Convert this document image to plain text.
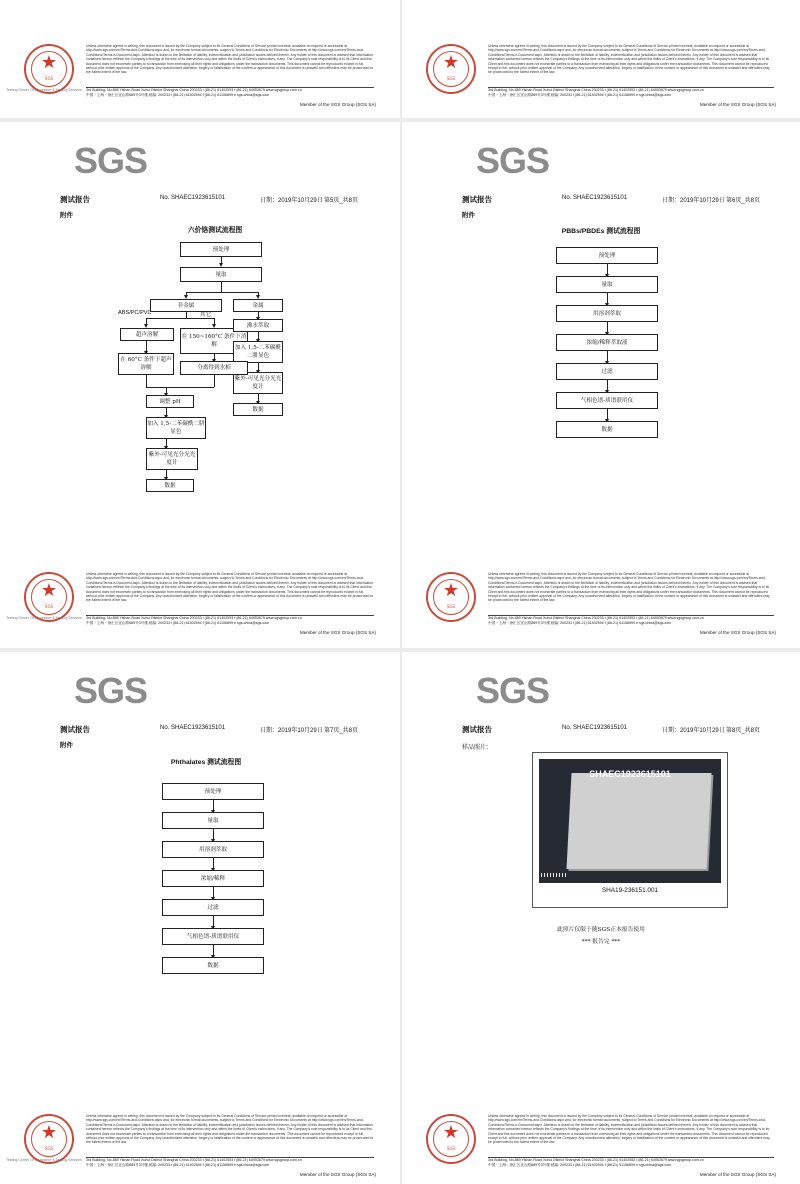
★
SGS
Unless otherwise agreed in writing, this document is issued by the Company subject to its General Conditions of Service printed overleaf, available on request or accessible at http://www.sgs.com/en/Terms-and-Conditions.aspx and, for electronic format documents, subject to Terms and Conditions for Electronic Documents at http://www.sgs.com/en/Terms-and-Conditions/Terms-e-Document.aspx. Attention is drawn to the limitation of liability, indemnification and jurisdiction issues defined therein. Any holder of this document is advised that information contained hereon reflects the Company's findings at the time of its intervention only and within the limits of Client's instructions, if any. The Company's sole responsibility is to its Client and this document does not exonerate parties to a transaction from exercising all their rights and obligations under the transaction documents. This document cannot be reproduced except in full, without prior written approval of the Company. Any unauthorized alteration, forgery or falsification of the content or appearance of this document is unlawful and offenders may be prosecuted to the fullest extent of the law.
3rd Building, No.889 Yishan Road Xuhui District Shanghai China 200233 t (86-21) 61402553 f (86-21) 64953679 www.sgsgroup.com.cn
中国・上海・徐汇区宜山路889号3号楼 邮编: 200233 t (86-21) 61402594 f (86-21) 61156899 e sgs.china@sgs.com
Member of the SGS Group (SGS SA)
Testing Center Of Inspection & Testing Services
★
SGS
Unless otherwise agreed in writing, this document is issued by the Company subject to its General Conditions of Service printed overleaf, available on request or accessible at http://www.sgs.com/en/Terms-and-Conditions.aspx and, for electronic format documents, subject to Terms and Conditions for Electronic Documents at http://www.sgs.com/en/Terms-and-Conditions/Terms-e-Document.aspx. Attention is drawn to the limitation of liability, indemnification and jurisdiction issues defined therein. Any holder of this document is advised that information contained hereon reflects the Company's findings at the time of its intervention only and within the limits of Client's instructions, if any. The Company's sole responsibility is to its Client and this document does not exonerate parties to a transaction from exercising all their rights and obligations under the transaction documents. This document cannot be reproduced except in full, without prior written approval of the Company. Any unauthorized alteration, forgery or falsification of the content or appearance of this document is unlawful and offenders may be prosecuted to the fullest extent of the law.
3rd Building, No.889 Yishan Road Xuhui District Shanghai China 200233 t (86-21) 61402553 f (86-21) 64953679 www.sgsgroup.com.cn
中国・上海・徐汇区宜山路889号3号楼 邮编: 200233 t (86-21) 61402594 f (86-21) 61156899 e sgs.china@sgs.com
Member of the SGS Group (SGS SA)
SGS
测试报告	No. SHAEC1923615101	日期：2019年10月29日 第5页_共8页
附件
六价铬测试流程图
预处理
量取
非金属	金属
ABS/PC/PVC	其它
超声溶解	在 150~160°C 条件下消解
沸水萃取
加入 1,5-二苯碳酰二肼显色
紫外-可见光分光光度计
数据
在 60°C 条件下超声溶解	分离得到水相
调整 pH
加入 1,5-二苯碳酰二肼显色
紫外-可见光分光光度计
数据
★
SGS
Unless otherwise agreed in writing, this document is issued by the Company subject to its General Conditions of Service printed overleaf, available on request or accessible at http://www.sgs.com/en/Terms-and-Conditions.aspx and, for electronic format documents, subject to Terms and Conditions for Electronic Documents at http://www.sgs.com/en/Terms-and-Conditions/Terms-e-Document.aspx. Attention is drawn to the limitation of liability, indemnification and jurisdiction issues defined therein. Any holder of this document is advised that information contained hereon reflects the Company's findings at the time of its intervention only and within the limits of Client's instructions, if any. The Company's sole responsibility is to its Client and this document does not exonerate parties to a transaction from exercising all their rights and obligations under the transaction documents. This document cannot be reproduced except in full, without prior written approval of the Company. Any unauthorized alteration, forgery or falsification of the content or appearance of this document is unlawful and offenders may be prosecuted to the fullest extent of the law.
3rd Building, No.889 Yishan Road Xuhui District Shanghai China 200233 t (86-21) 61402553 f (86-21) 64953679 www.sgsgroup.com.cn
中国・上海・徐汇区宜山路889号3号楼 邮编: 200233 t (86-21) 61402594 f (86-21) 61156899 e sgs.china@sgs.com
Member of the SGS Group (SGS SA)
Testing Center Of Inspection & Testing Services
SGS
测试报告	No. SHAEC1923615101	日期：2019年10月29日 第6页_共8页
附件
PBBs/PBDEs 测试流程图
预处理
量取
用溶剂萃取
浓缩/稀释萃取液
过滤
气相色谱-质谱联用仪
数据
★
SGS
Unless otherwise agreed in writing, this document is issued by the Company subject to its General Conditions of Service printed overleaf, available on request or accessible at http://www.sgs.com/en/Terms-and-Conditions.aspx and, for electronic format documents, subject to Terms and Conditions for Electronic Documents at http://www.sgs.com/en/Terms-and-Conditions/Terms-e-Document.aspx. Attention is drawn to the limitation of liability, indemnification and jurisdiction issues defined therein. Any holder of this document is advised that information contained hereon reflects the Company's findings at the time of its intervention only and within the limits of Client's instructions, if any. The Company's sole responsibility is to its Client and this document does not exonerate parties to a transaction from exercising all their rights and obligations under the transaction documents. This document cannot be reproduced except in full, without prior written approval of the Company. Any unauthorized alteration, forgery or falsification of the content or appearance of this document is unlawful and offenders may be prosecuted to the fullest extent of the law.
3rd Building, No.889 Yishan Road Xuhui District Shanghai China 200233 t (86-21) 61402553 f (86-21) 64953679 www.sgsgroup.com.cn
中国・上海・徐汇区宜山路889号3号楼 邮编: 200233 t (86-21) 61402594 f (86-21) 61156899 e sgs.china@sgs.com
Member of the SGS Group (SGS SA)
SGS
测试报告	No. SHAEC1923615101	日期：2019年10月29日 第7页_共8页
附件
Phthalates 测试流程图
预处理
量取
用溶剂萃取
浓缩/稀释
过滤
气相色谱-质谱联用仪
数据
★
SGS
Unless otherwise agreed in writing, this document is issued by the Company subject to its General Conditions of Service printed overleaf, available on request or accessible at http://www.sgs.com/en/Terms-and-Conditions.aspx and, for electronic format documents, subject to Terms and Conditions for Electronic Documents at http://www.sgs.com/en/Terms-and-Conditions/Terms-e-Document.aspx. Attention is drawn to the limitation of liability, indemnification and jurisdiction issues defined therein. Any holder of this document is advised that information contained hereon reflects the Company's findings at the time of its intervention only and within the limits of Client's instructions, if any. The Company's sole responsibility is to its Client and this document does not exonerate parties to a transaction from exercising all their rights and obligations under the transaction documents. This document cannot be reproduced except in full, without prior written approval of the Company. Any unauthorized alteration, forgery or falsification of the content or appearance of this document is unlawful and offenders may be prosecuted to the fullest extent of the law.
3rd Building, No.889 Yishan Road Xuhui District Shanghai China 200233 t (86-21) 61402553 f (86-21) 64953679 www.sgsgroup.com.cn
中国・上海・徐汇区宜山路889号3号楼 邮编: 200233 t (86-21) 61402594 f (86-21) 61156899 e sgs.china@sgs.com
Member of the SGS Group (SGS SA)
Testing Center Of Inspection & Testing Services
SGS
测试报告	No. SHAEC1923615101	日期：2019年10月29日 第8页_共8页
样品照片：
SHAEC1923615101
SHA19-236151.001
此照片仅限于随SGS正本报告使用
*** 报告完 ***
★
SGS
Unless otherwise agreed in writing, this document is issued by the Company subject to its General Conditions of Service printed overleaf, available on request or accessible at http://www.sgs.com/en/Terms-and-Conditions.aspx and, for electronic format documents, subject to Terms and Conditions for Electronic Documents at http://www.sgs.com/en/Terms-and-Conditions/Terms-e-Document.aspx. Attention is drawn to the limitation of liability, indemnification and jurisdiction issues defined therein. Any holder of this document is advised that information contained hereon reflects the Company's findings at the time of its intervention only and within the limits of Client's instructions, if any. The Company's sole responsibility is to its Client and this document does not exonerate parties to a transaction from exercising all their rights and obligations under the transaction documents. This document cannot be reproduced except in full, without prior written approval of the Company. Any unauthorized alteration, forgery or falsification of the content or appearance of this document is unlawful and offenders may be prosecuted to the fullest extent of the law.
3rd Building, No.889 Yishan Road Xuhui District Shanghai China 200233 t (86-21) 61402553 f (86-21) 64953679 www.sgsgroup.com.cn
中国・上海・徐汇区宜山路889号3号楼 邮编: 200233 t (86-21) 61402594 f (86-21) 61156899 e sgs.china@sgs.com
Member of the SGS Group (SGS SA)
